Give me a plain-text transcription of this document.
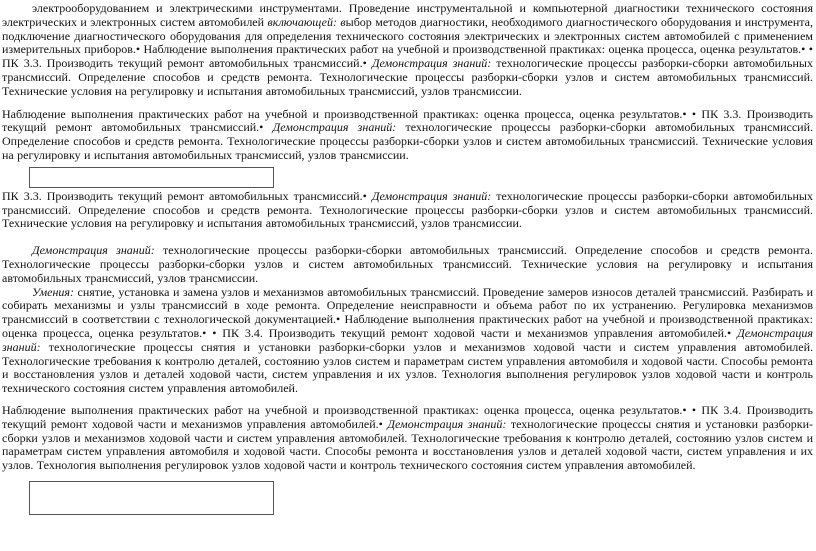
электрооборудованием и электрическими инструментами. Проведение инструментальной и компьютерной диагностики технического состояния электрических и электронных систем автомобилей включающей: выбор методов диагностики, необходимого диагностического оборудования и инструмента, подключение диагностического оборудования для определения технического состояния электрических и электронных систем автомобилей с применением измерительных приборов.• Наблюдение выполнения практических работ на учебной и производственной практиках: оценка процесса, оценка результатов.• • ПК 3.3. Производить текущий ремонт автомобильных трансмиссий.• Демонстрация знаний: технологические процессы разборки-сборки автомобильных трансмиссий. Определение способов и средств ремонта. Технологические процессы разборки-сборки узлов и систем автомобильных трансмиссий. Технические условия на регулировку и испытания автомобильных трансмиссий, узлов трансмиссии.

Наблюдение выполнения практических работ на учебной и производственной практиках: оценка процесса, оценка результатов.• • ПК 3.3. Производить текущий ремонт автомобильных трансмиссий.• Демонстрация знаний: технологические процессы разборки-сборки автомобильных трансмиссий. Определение способов и средств ремонта. Технологические процессы разборки-сборки узлов и систем автомобильных трансмиссий. Технические условия на регулировку и испытания автомобильных трансмиссий, узлов трансмиссии.

ПК 3.3. Производить текущий ремонт автомобильных трансмиссий.• Демонстрация знаний: технологические процессы разборки-сборки автомобильных трансмиссий. Определение способов и средств ремонта. Технологические процессы разборки-сборки узлов и систем автомобильных трансмиссий. Технические условия на регулировку и испытания автомобильных трансмиссий, узлов трансмиссии.

Демонстрация знаний: технологические процессы разборки-сборки автомобильных трансмиссий. Определение способов и средств ремонта. Технологические процессы разборки-сборки узлов и систем автомобильных трансмиссий. Технические условия на регулировку и испытания автомобильных трансмиссий, узлов трансмиссии.

Умения: снятие, установка и замена узлов и механизмов автомобильных трансмиссий. Проведение замеров износов деталей трансмиссий. Разбирать и собирать механизмы и узлы трансмиссий в ходе ремонта. Определение неисправности и объема работ по их устранению. Регулировка механизмов трансмиссий в соответствии с технологической документацией.• Наблюдение выполнения практических работ на учебной и производственной практиках: оценка процесса, оценка результатов.• • ПК 3.4. Производить текущий ремонт ходовой части и механизмов управления автомобилей.• Демонстрация знаний: технологические процессы снятия и установки разборки-сборки узлов и механизмов ходовой части и систем управления автомобилей. Технологические требования к контролю деталей, состоянию узлов систем и параметрам систем управления автомобиля и ходовой части. Способы ремонта и восстановления узлов и деталей ходовой части, систем управления и их узлов. Технология выполнения регулировок узлов ходовой части и контроль технического состояния систем управления автомобилей.

Наблюдение выполнения практических работ на учебной и производственной практиках: оценка процесса, оценка результатов.• • ПК 3.4. Производить текущий ремонт ходовой части и механизмов управления автомобилей.• Демонстрация знаний: технологические процессы снятия и установки разборки-сборки узлов и механизмов ходовой части и систем управления автомобилей. Технологические требования к контролю деталей, состоянию узлов систем и параметрам систем управления автомобиля и ходовой части. Способы ремонта и восстановления узлов и деталей ходовой части, систем управления и их узлов. Технология выполнения регулировок узлов ходовой части и контроль технического состояния систем управления автомобилей.
